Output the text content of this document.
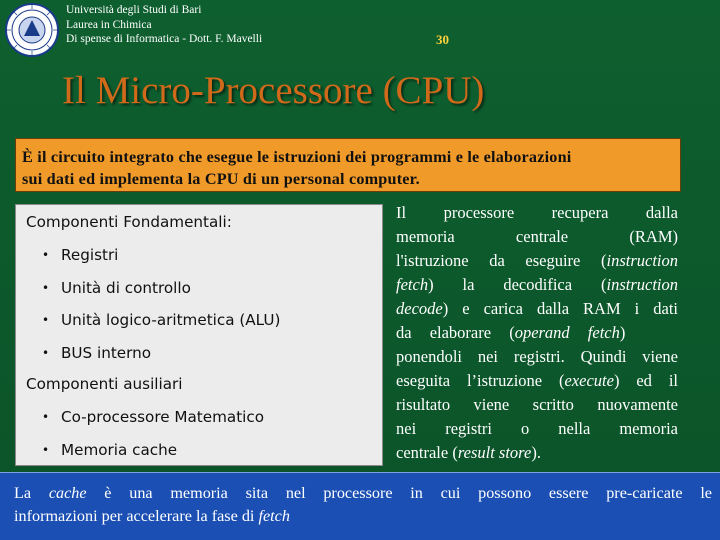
Università degli Studi di Bari
Laurea in Chimica
Di spense di Informatica - Dott. F. Mavelli	30
Il Micro-Processore (CPU)
È il circuito integrato che esegue le istruzioni dei programmi e le elaborazioni
sui dati ed implementa la CPU di un personal computer.
Componenti Fondamentali:
• Registri
• Unità di controllo
• Unità logico-aritmetica (ALU)
• BUS interno
Componenti ausiliari
• Co-processore Matematico
• Memoria cache
Il processore recupera dalla
memoria centrale (RAM)
l'istruzione da eseguire (instruction
fetch) la decodifica (instruction
decode) e carica dalla RAM i dati
da elaborare (operand fetch)
ponendoli nei registri. Quindi viene
eseguita l’istruzione (execute) ed il
risultato viene scritto nuovamente
nei registri o nella memoria
centrale (result store).
La cache è una memoria sita nel processore in cui possono essere pre-caricate le
informazioni per accelerare la fase di fetch
